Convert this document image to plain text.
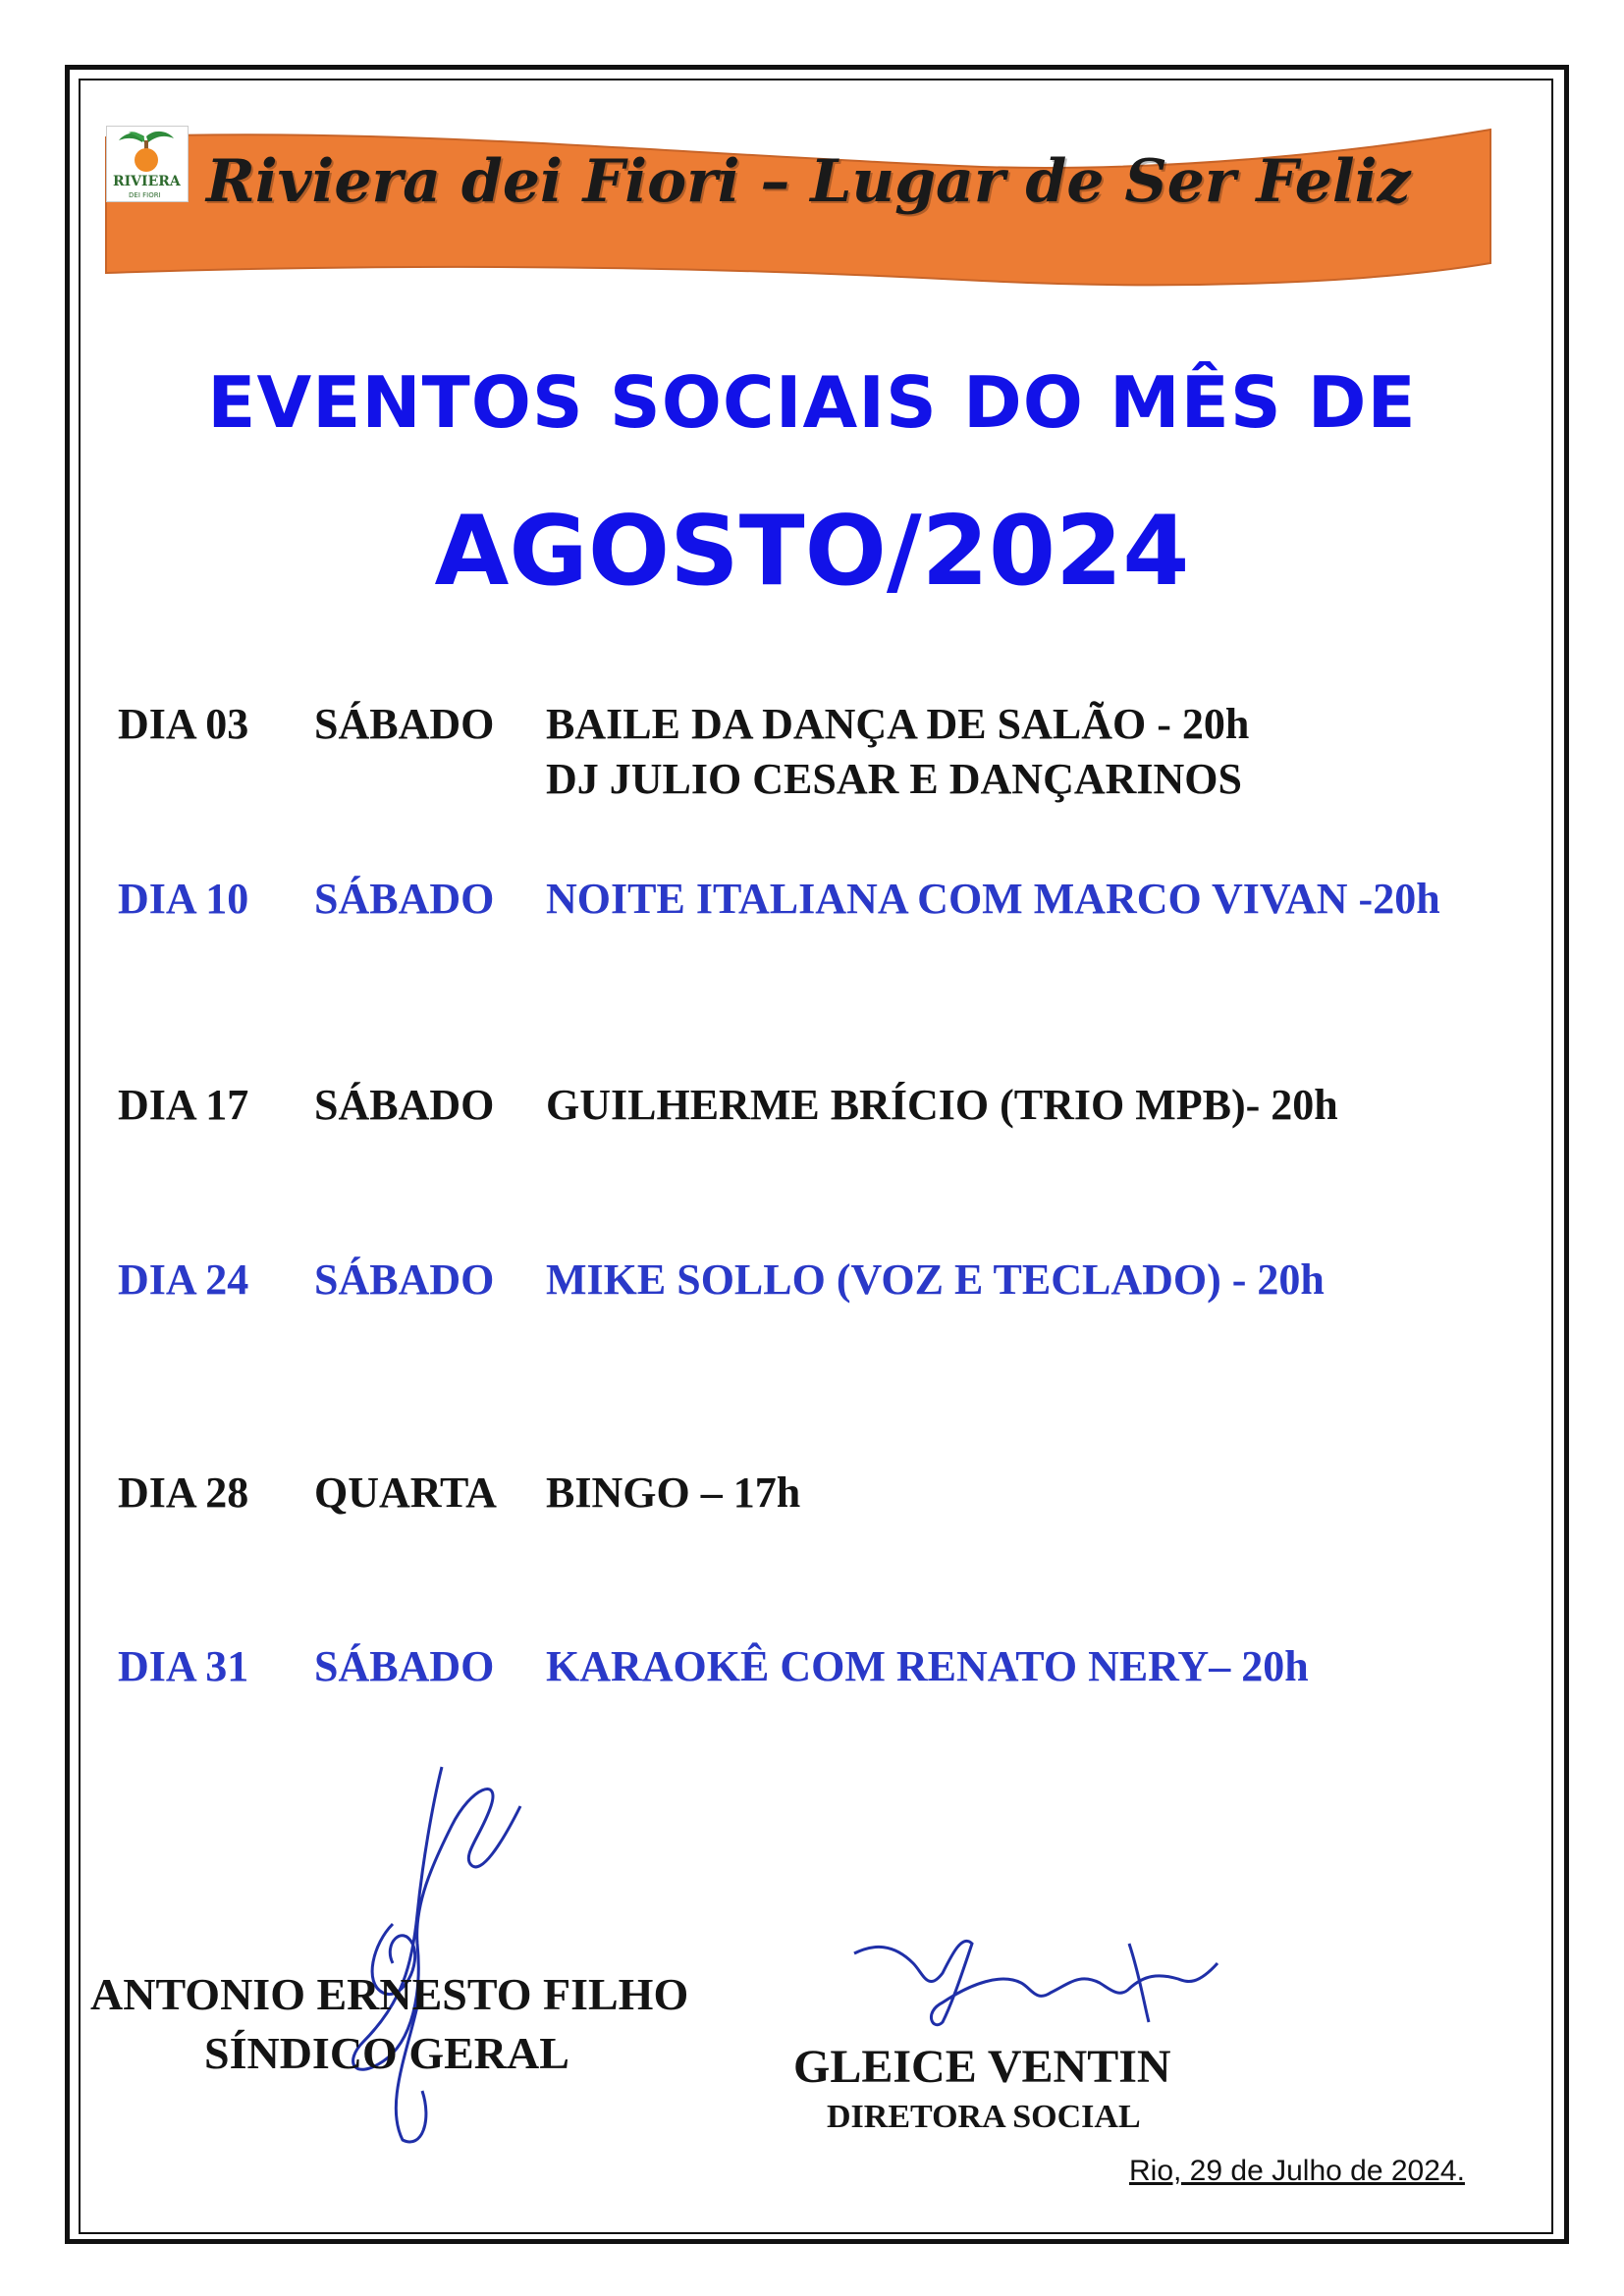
RIVIERA
DEI FIORI Riviera dei Fiori – Lugar de Ser Feliz
EVENTOS SOCIAIS DO MÊS DE
AGOSTO/2024
DIA 03 SÁBADO BAILE DA DANÇA DE SALÃO - 20h
DJ JULIO CESAR E DANÇARINOS
DIA 10 SÁBADO NOITE ITALIANA COM MARCO VIVAN -20h
DIA 17 SÁBADO GUILHERME BRÍCIO (TRIO MPB)- 20h
DIA 24 SÁBADO MIKE SOLLO (VOZ E TECLADO) - 20h
DIA 28 QUARTA BINGO – 17h
DIA 31 SÁBADO KARAOKÊ COM RENATO NERY– 20h
ANTONIO ERNESTO FILHO
SÍNDICO GERAL	GLEICE VENTIN
DIRETORA SOCIAL
Rio, 29 de Julho de 2024.
